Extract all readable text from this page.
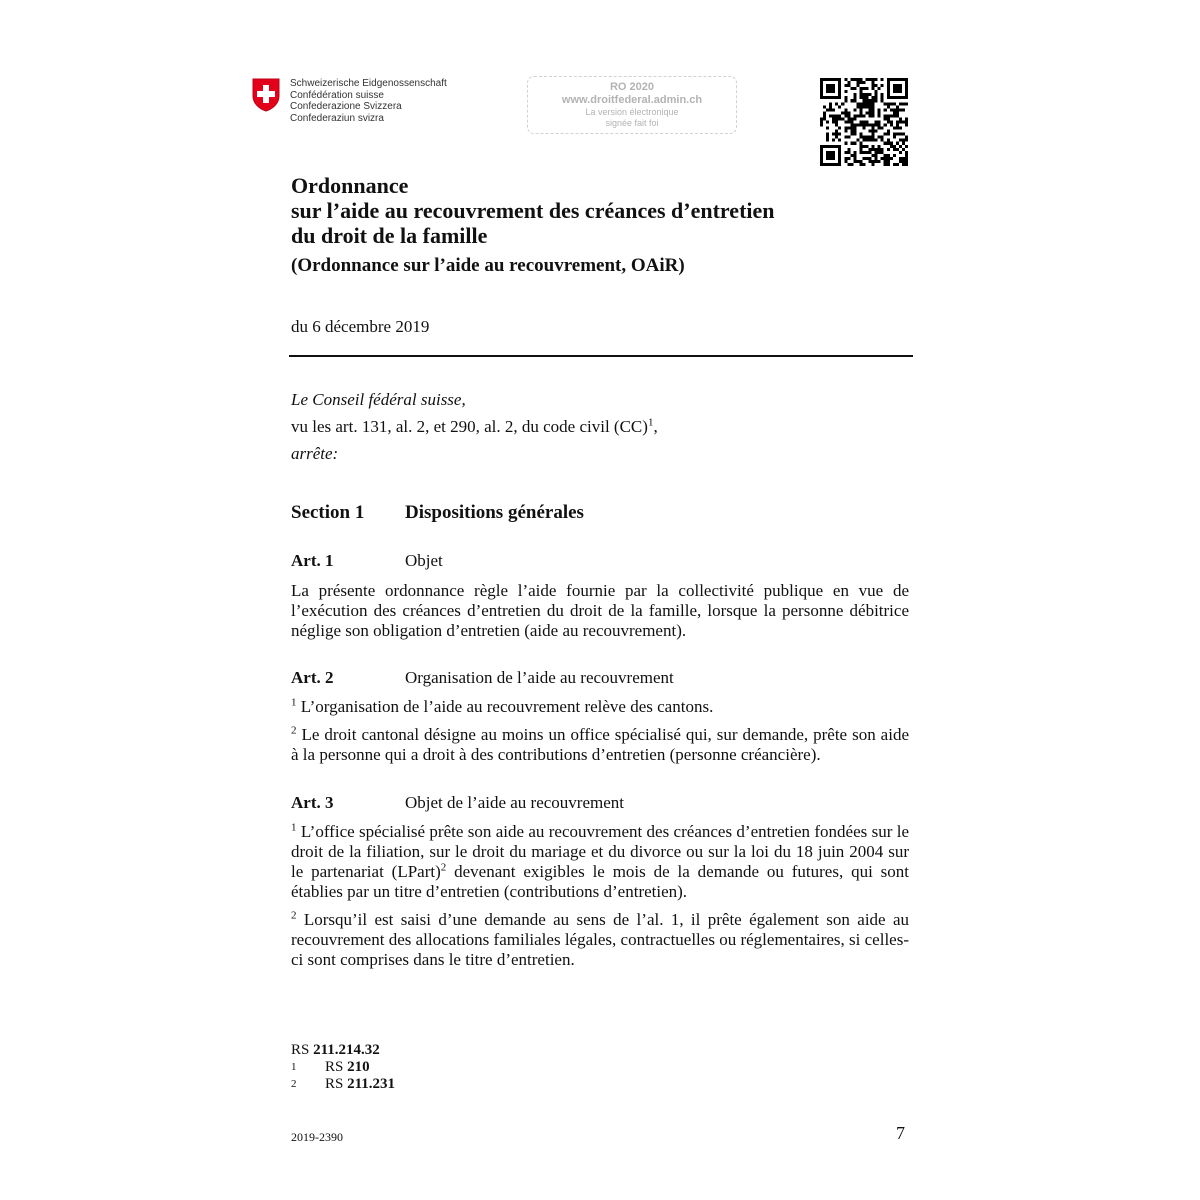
Schweizerische Eidgenossenschaft
Confédération suisse
Confederazione Svizzera
Confederaziun svizra
RO 2020
www.droitfederal.admin.ch
La version électronique
signée fait foi
Ordonnance
sur l’aide au recouvrement des créances d’entretien
du droit de la famille
(Ordonnance sur l’aide au recouvrement, OAiR)
du 6 décembre 2019
Le Conseil fédéral suisse,
vu les art. 131, al. 2, et 290, al. 2, du code civil (CC)$^1$,
arrête:
Section 1 Dispositions générales
Art. 1	Objet
La présente ordonnance règle l’aide fournie par la collectivité publique en vue de l’exécution des créances d’entretien du droit de la famille, lorsque la personne débitrice néglige son obligation d’entretien (aide au recouvrement).
Art. 2	Organisation de l’aide au recouvrement
$^1$ L’organisation de l’aide au recouvrement relève des cantons.
$^2$ Le droit cantonal désigne au moins un office spécialisé qui, sur demande, prête son aide à la personne qui a droit à des contributions d’entretien (personne créancière).
Art. 3	Objet de l’aide au recouvrement
$^1$ L’office spécialisé prête son aide au recouvrement des créances d’entretien fondées sur le droit de la filiation, sur le droit du mariage et du divorce ou sur la loi du 18 juin 2004 sur le partenariat (LPart)$^2$ devenant exigibles le mois de la demande ou futures, qui sont établies par un titre d’entretien (contributions d’entretien).
$^2$ Lorsqu’il est saisi d’une demande au sens de l’al. 1, il prête également son aide au recouvrement des allocations familiales légales, contractuelles ou réglementaires, si celles-ci sont comprises dans le titre d’entretien.
RS 211.214.32
1 RS 210
2 RS 211.231
2019-2390	7
